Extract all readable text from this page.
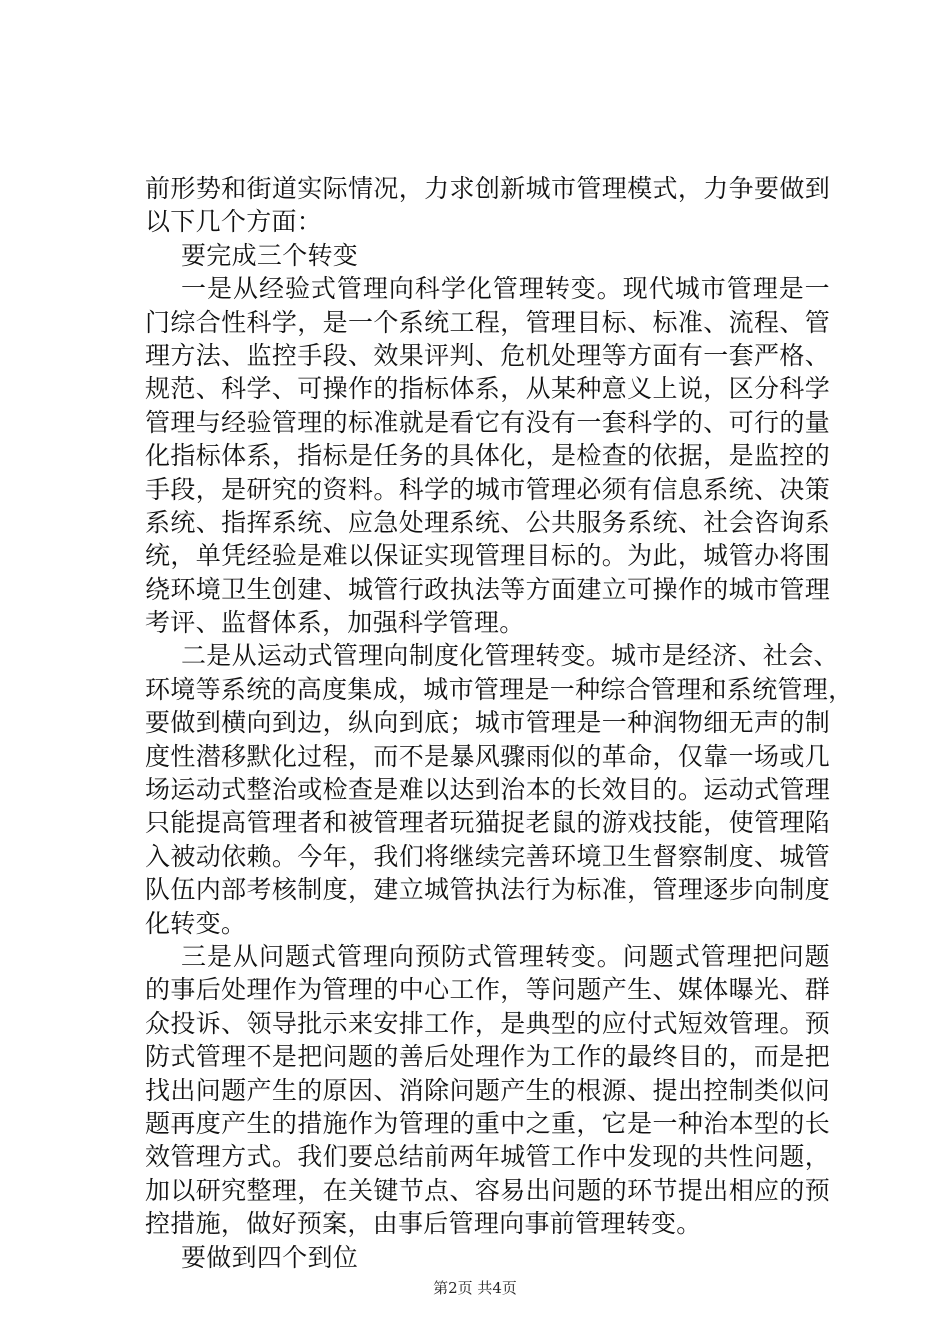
前形势和街道实际情况，力求创新城市管理模式，力争要做到
以下几个方面：
要完成三个转变
一是从经验式管理向科学化管理转变。现代城市管理是一
门综合性科学，是一个系统工程，管理目标、标准、流程、管
理方法、监控手段、效果评判、危机处理等方面有一套严格、
规范、科学、可操作的指标体系，从某种意义上说，区分科学
管理与经验管理的标准就是看它有没有一套科学的、可行的量
化指标体系，指标是任务的具体化，是检查的依据，是监控的
手段，是研究的资料。科学的城市管理必须有信息系统、决策
系统、指挥系统、应急处理系统、公共服务系统、社会咨询系
统，单凭经验是难以保证实现管理目标的。为此，城管办将围
绕环境卫生创建、城管行政执法等方面建立可操作的城市管理
考评、监督体系，加强科学管理。
二是从运动式管理向制度化管理转变。城市是经济、社会、
环境等系统的高度集成，城市管理是一种综合管理和系统管理，
要做到横向到边，纵向到底；城市管理是一种润物细无声的制
度性潜移默化过程，而不是暴风骤雨似的革命，仅靠一场或几
场运动式整治或检查是难以达到治本的长效目的。运动式管理
只能提高管理者和被管理者玩猫捉老鼠的游戏技能，使管理陷
入被动依赖。今年，我们将继续完善环境卫生督察制度、城管
队伍内部考核制度，建立城管执法行为标准，管理逐步向制度
化转变。
三是从问题式管理向预防式管理转变。问题式管理把问题
的事后处理作为管理的中心工作，等问题产生、媒体曝光、群
众投诉、领导批示来安排工作，是典型的应付式短效管理。预
防式管理不是把问题的善后处理作为工作的最终目的，而是把
找出问题产生的原因、消除问题产生的根源、提出控制类似问
题再度产生的措施作为管理的重中之重，它是一种治本型的长
效管理方式。我们要总结前两年城管工作中发现的共性问题，
加以研究整理，在关键节点、容易出问题的环节提出相应的预
控措施，做好预案，由事后管理向事前管理转变。
要做到四个到位
第2页 共4页
